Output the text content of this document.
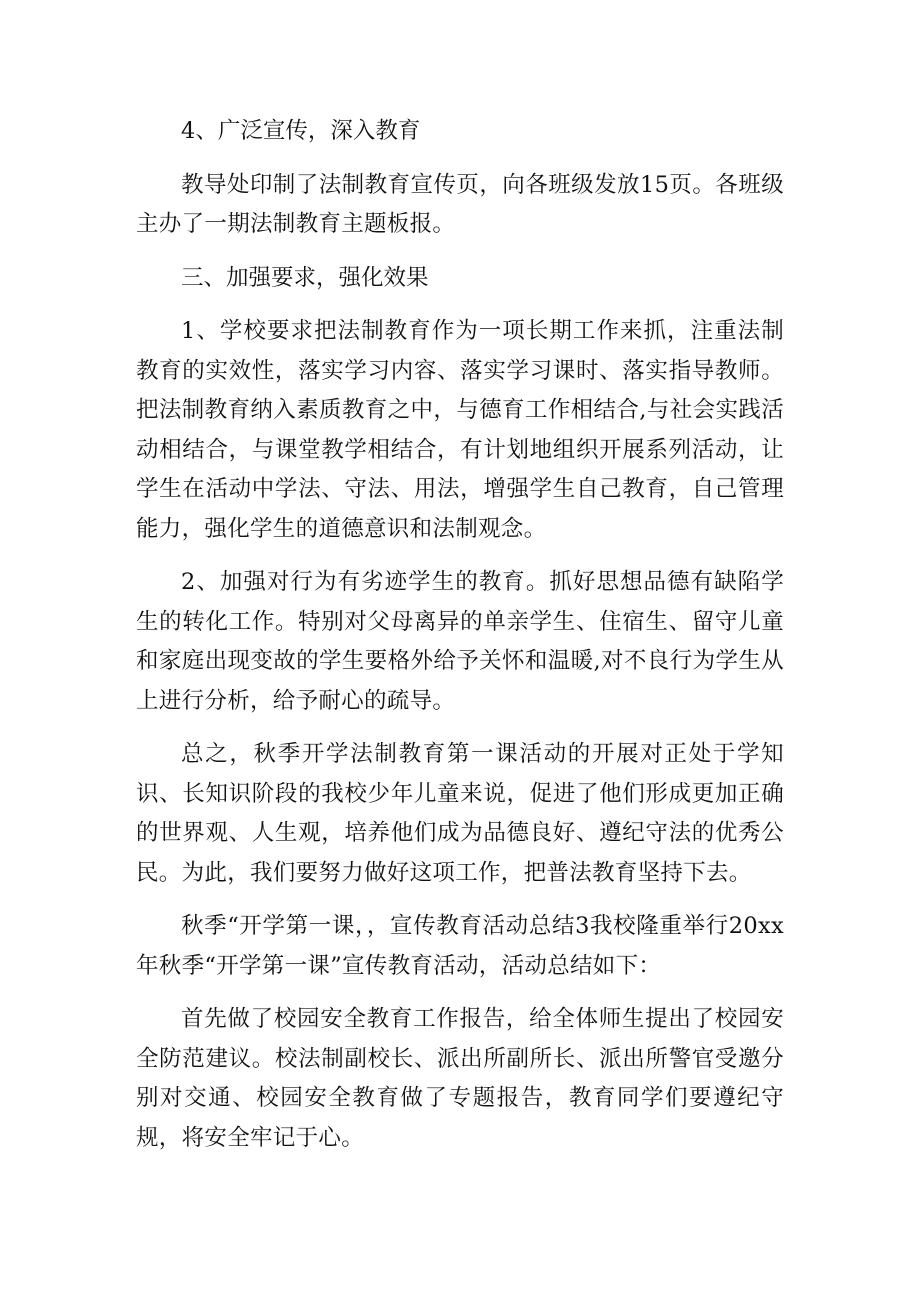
4、广泛宣传，深入教育

教导处印制了法制教育宣传页，向各班级发放15页。各班级主办了一期法制教育主题板报。

三、加强要求，强化效果

1、学校要求把法制教育作为一项长期工作来抓，注重法制教育的实效性，落实学习内容、落实学习课时、落实指导教师。把法制教育纳入素质教育之中，与德育工作相结合,与社会实践活动相结合，与课堂教学相结合，有计划地组织开展系列活动，让学生在活动中学法、守法、用法，增强学生自己教育，自己管理能力，强化学生的道德意识和法制观念。

2、加强对行为有劣迹学生的教育。抓好思想品德有缺陷学生的转化工作。特别对父母离异的单亲学生、住宿生、留守儿童和家庭出现变故的学生要格外给予关怀和温暖,对不良行为学生从上进行分析，给予耐心的疏导。

总之，秋季开学法制教育第一课活动的开展对正处于学知识、长知识阶段的我校少年儿童来说，促进了他们形成更加正确的世界观、人生观，培养他们成为品德良好、遵纪守法的优秀公民。为此，我们要努力做好这项工作，把普法教育坚持下去。

秋季“开学第一课，，宣传教育活动总结3我校隆重举行20xx年秋季“开学第一课”宣传教育活动，活动总结如下：

首先做了校园安全教育工作报告，给全体师生提出了校园安全防范建议。校法制副校长、派出所副所长、派出所警官受邀分别对交通、校园安全教育做了专题报告，教育同学们要遵纪守规，将安全牢记于心。
